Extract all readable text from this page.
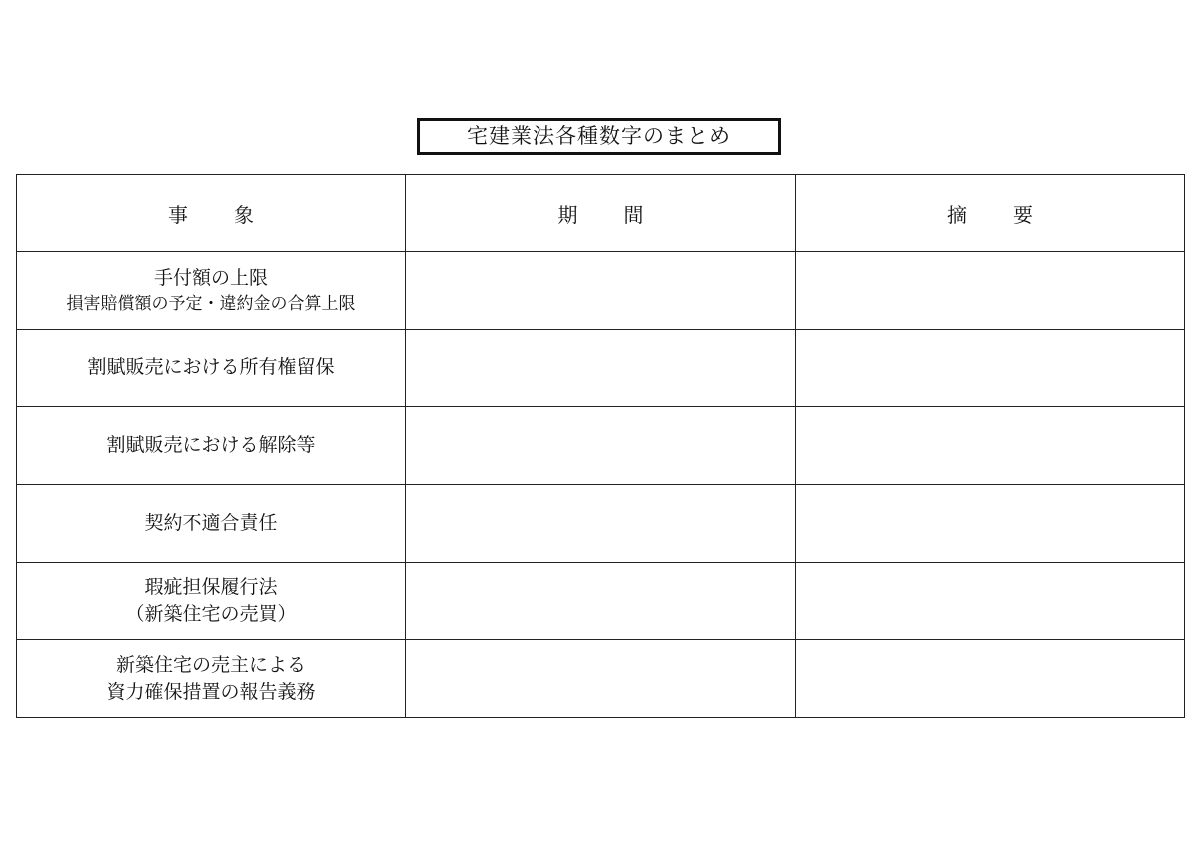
宅建業法各種数字のまとめ
事 象	期 間	摘 要

手付額の上限
損害賠償額の予定・違約金の合算上限		

割賦販売における所有権留保		

割賦販売における解除等		

契約不適合責任		

瑕疵担保履行法
（新築住宅の売買）		

新築住宅の売主による
資力確保措置の報告義務		
